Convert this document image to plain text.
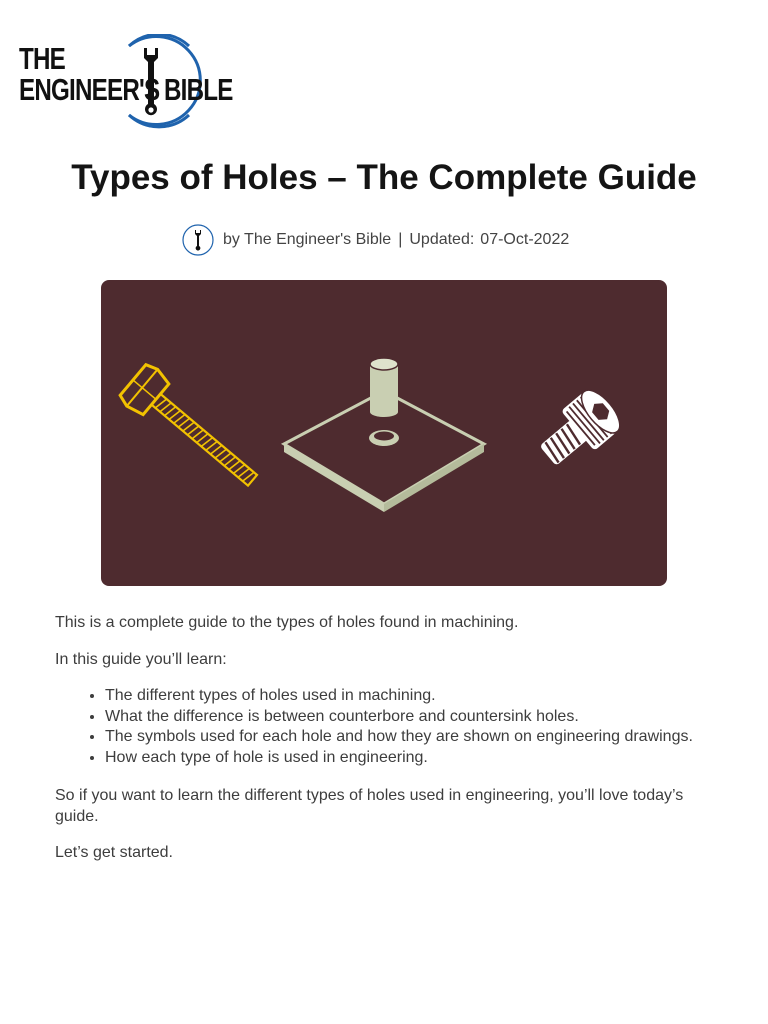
THE
ENGINEER'S BIBLE
Types of Holes – The Complete Guide
by The Engineer's Bible | Updated: 07-Oct-2022

This is a complete guide to the types of holes found in machining.

In this guide you’ll learn:

• The different types of holes used in machining.
• What the difference is between counterbore and countersink holes.
• The symbols used for each hole and how they are shown on engineering drawings.
• How each type of hole is used in engineering.

So if you want to learn the different types of holes used in engineering, you’ll love today’s guide.

Let’s get started.
